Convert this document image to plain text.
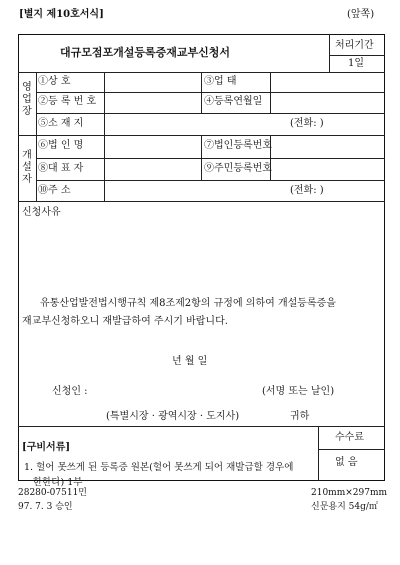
[별지 제10호서식]	(앞쪽)
대규모점포개설등록증재교부신청서
처리기간
1일
영
업
장
①상 호	③업 태
②등 록 번 호	④등록연월일
⑤소 재 지	(전화: )
개
설
자
⑥법 인 명	⑦법인등록번호
⑧대 표 자	⑨주민등록번호
⑩주 소	(전화: )
신청사유
유통산업발전법시행규칙 제8조제2항의 규정에 의하여 개설등록증을
재교부신청하오니 재발급하여 주시기 바랍니다.
년 월 일
신청인 :	(서명 또는 날인)
(특별시장 · 광역시장 · 도지사)	귀하
[구비서류]
1. 헐어 못쓰게 된 등록증 원본(헐어 못쓰게 되어 재발급할 경우에
한한다) 1부
수수료
없 음
28280-07511민
97. 7. 3 승인
210mm×297mm
신문용지 54g/㎡
